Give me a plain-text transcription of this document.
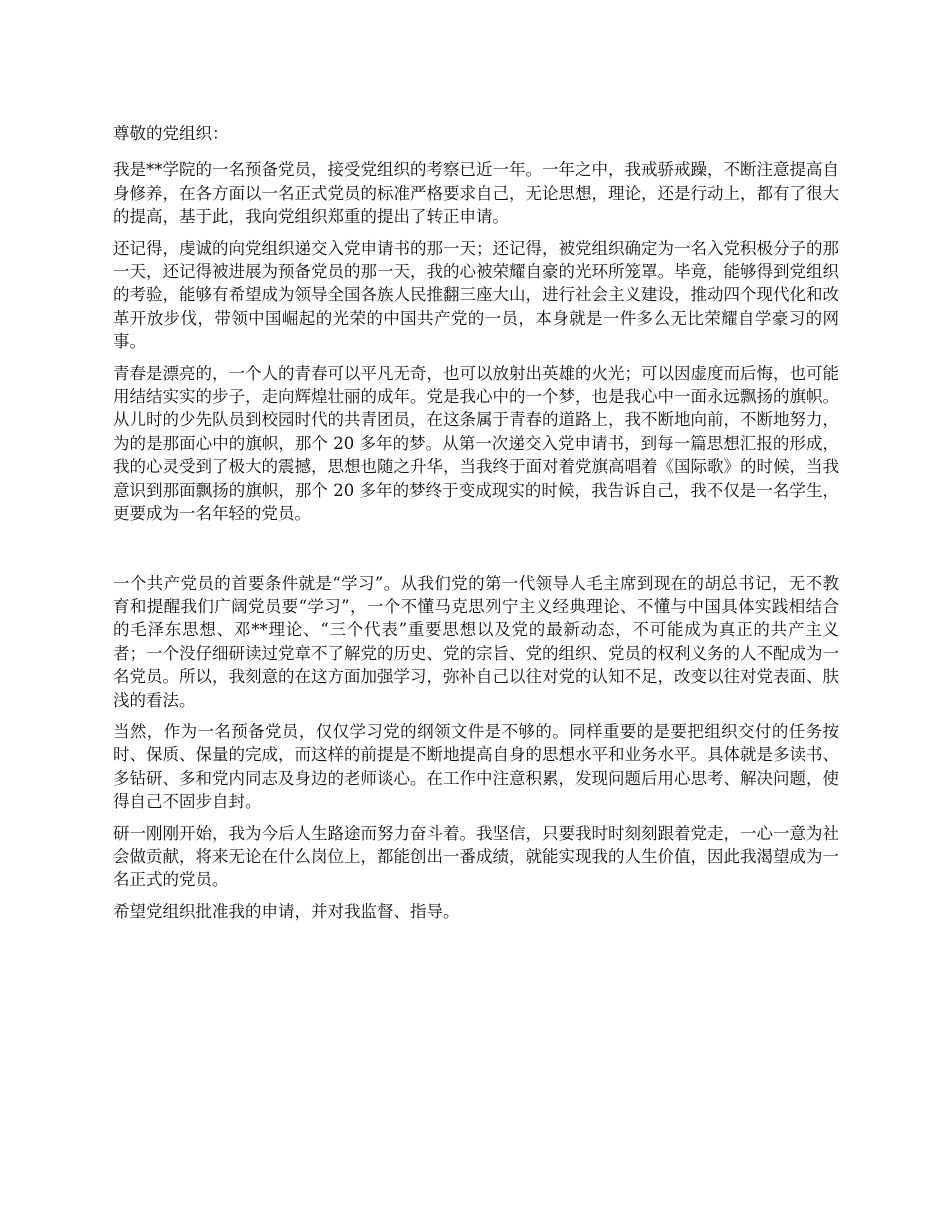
尊敬的党组织：

我是**学院的一名预备党员，接受党组织的考察已近一年。一年之中，我戒骄戒躁，不断注意提高自身修养，在各方面以一名正式党员的标准严格要求自己，无论思想，理论，还是行动上，都有了很大的提高，基于此，我向党组织郑重的提出了转正申请。

还记得，虔诚的向党组织递交入党申请书的那一天；还记得，被党组织确定为一名入党积极分子的那一天，还记得被进展为预备党员的那一天，我的心被荣耀自豪的光环所笼罩。毕竟，能够得到党组织的考验，能够有希望成为领导全国各族人民推翻三座大山，进行社会主义建设，推动四个现代化和改革开放步伐，带领中国崛起的光荣的中国共产党的一员，本身就是一件多么无比荣耀自学豪习的网事。

青春是漂亮的，一个人的青春可以平凡无奇，也可以放射出英雄的火光；可以因虚度而后悔，也可能用结结实实的步子，走向辉煌壮丽的成年。党是我心中的一个梦，也是我心中一面永远飘扬的旗帜。从儿时的少先队员到校园时代的共青团员，在这条属于青春的道路上，我不断地向前，不断地努力，为的是那面心中的旗帜，那个 20 多年的梦。从第一次递交入党申请书，到每一篇思想汇报的形成，我的心灵受到了极大的震撼，思想也随之升华，当我终于面对着党旗高唱着《国际歌》的时候，当我意识到那面飘扬的旗帜，那个 20 多年的梦终于变成现实的时候，我告诉自己，我不仅是一名学生，更要成为一名年轻的党员。

一个共产党员的首要条件就是“学习”。从我们党的第一代领导人毛主席到现在的胡总书记，无不教育和提醒我们广阔党员要“学习”，一个不懂马克思列宁主义经典理论、不懂与中国具体实践相结合的毛泽东思想、邓**理论、“三个代表”重要思想以及党的最新动态，不可能成为真正的共产主义者；一个没仔细研读过党章不了解党的历史、党的宗旨、党的组织、党员的权利义务的人不配成为一名党员。所以，我刻意的在这方面加强学习，弥补自己以往对党的认知不足，改变以往对党表面、肤浅的看法。

当然，作为一名预备党员，仅仅学习党的纲领文件是不够的。同样重要的是要把组织交付的任务按时、保质、保量的完成，而这样的前提是不断地提高自身的思想水平和业务水平。具体就是多读书、多钻研、多和党内同志及身边的老师谈心。在工作中注意积累，发现问题后用心思考、解决问题，使得自己不固步自封。

研一刚刚开始，我为今后人生路途而努力奋斗着。我坚信，只要我时时刻刻跟着党走，一心一意为社会做贡献，将来无论在什么岗位上，都能创出一番成绩，就能实现我的人生价值，因此我渴望成为一名正式的党员。

希望党组织批准我的申请，并对我监督、指导。
